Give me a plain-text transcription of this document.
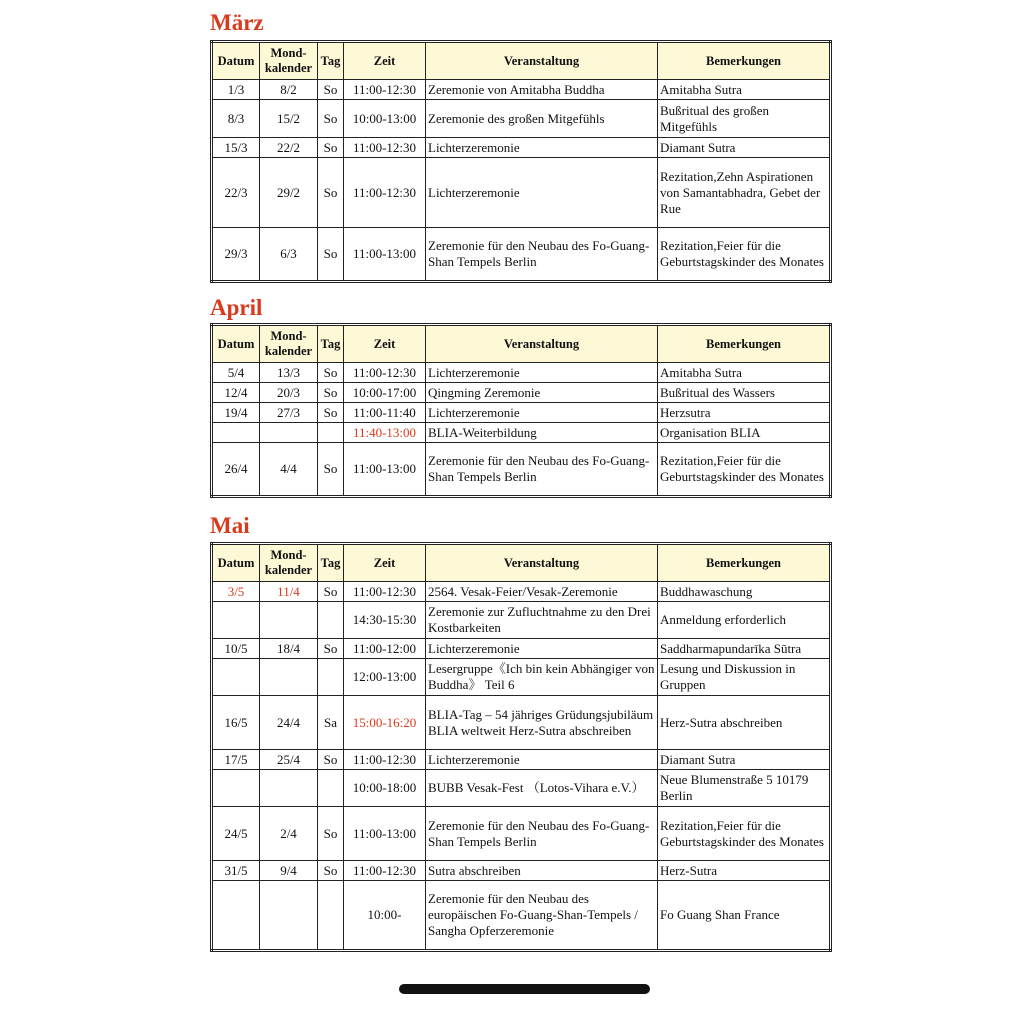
März
Datum	Mond-kalender	Tag	Zeit	Veranstaltung	Bemerkungen
1/3	8/2	So	11:00-12:30	Zeremonie von Amitabha Buddha	Amitabha Sutra
8/3	15/2	So	10:00-13:00	Zeremonie des großen Mitgefühls	Bußritual des großen Mitgefühls
15/3	22/2	So	11:00-12:30	Lichterzeremonie	Diamant Sutra
22/3	29/2	So	11:00-12:30	Lichterzeremonie	Rezitation,Zehn Aspirationen von Samantabhadra, Gebet der Rue
29/3	6/3	So	11:00-13:00	Zeremonie für den Neubau des Fo-Guang-Shan Tempels Berlin	Rezitation,Feier für die Geburtstagskinder des Monates
April
Datum	Mond-kalender	Tag	Zeit	Veranstaltung	Bemerkungen
5/4	13/3	So	11:00-12:30	Lichterzeremonie	Amitabha Sutra
12/4	20/3	So	10:00-17:00	Qingming Zeremonie	Bußritual des Wassers
19/4	27/3	So	11:00-11:40	Lichterzeremonie	Herzsutra
			11:40-13:00	BLIA-Weiterbildung	Organisation BLIA
26/4	4/4	So	11:00-13:00	Zeremonie für den Neubau des Fo-Guang-Shan Tempels Berlin	Rezitation,Feier für die Geburtstagskinder des Monates
Mai
Datum	Mond-kalender	Tag	Zeit	Veranstaltung	Bemerkungen
3/5	11/4	So	11:00-12:30	2564. Vesak-Feier/Vesak-Zeremonie	Buddhawaschung
			14:30-15:30	Zeremonie zur Zufluchtnahme zu den Drei Kostbarkeiten	Anmeldung erforderlich
10/5	18/4	So	11:00-12:00	Lichterzeremonie	Saddharmapundarīka Sūtra
			12:00-13:00	Lesergruppe《Ich bin kein Abhängiger von Buddha》 Teil 6	Lesung und Diskussion in Gruppen
16/5	24/4	Sa	15:00-16:20	BLIA-Tag – 54 jähriges Grüdungsjubiläum BLIA weltweit Herz-Sutra abschreiben	Herz-Sutra abschreiben
17/5	25/4	So	11:00-12:30	Lichterzeremonie	Diamant Sutra
			10:00-18:00	BUBB Vesak-Fest （Lotos-Vihara e.V.）	Neue Blumenstraße 5 10179 Berlin
24/5	2/4	So	11:00-13:00	Zeremonie für den Neubau des Fo-Guang-Shan Tempels Berlin	Rezitation,Feier für die Geburtstagskinder des Monates
31/5	9/4	So	11:00-12:30	Sutra abschreiben	Herz-Sutra
			10:00-	Zeremonie für den Neubau des europäischen Fo-Guang-Shan-Tempels / Sangha Opferzeremonie	Fo Guang Shan France
